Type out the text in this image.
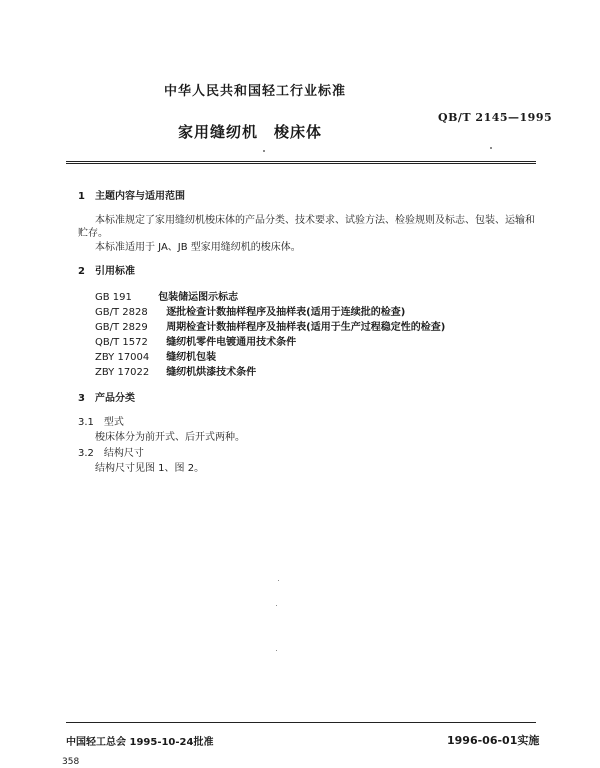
中华人民共和国轻工行业标准
QB/T 2145—1995
家用缝纫机　梭床体
1　主题内容与适用范围
本标准规定了家用缝纫机梭床体的产品分类、技术要求、试验方法、检验规则及标志、包装、运输和
贮存。
本标准适用于 JA、JB 型家用缝纫机的梭床体。
2　引用标准
GB 191	包装储运图示标志
GB/T 2828 逐批检查计数抽样程序及抽样表(适用于连续批的检查)
GB/T 2829 周期检查计数抽样程序及抽样表(适用于生产过程稳定性的检查)
QB/T 1572 缝纫机零件电镀通用技术条件
ZBY 17004 缝纫机包装
ZBY 17022 缝纫机烘漆技术条件
3　产品分类
3.1　型式
梭床体分为前开式、后开式两种。
3.2　结构尺寸
结构尺寸见图 1、图 2。
中国轻工总会 1995-10-24批准	1996-06-01实施
358
